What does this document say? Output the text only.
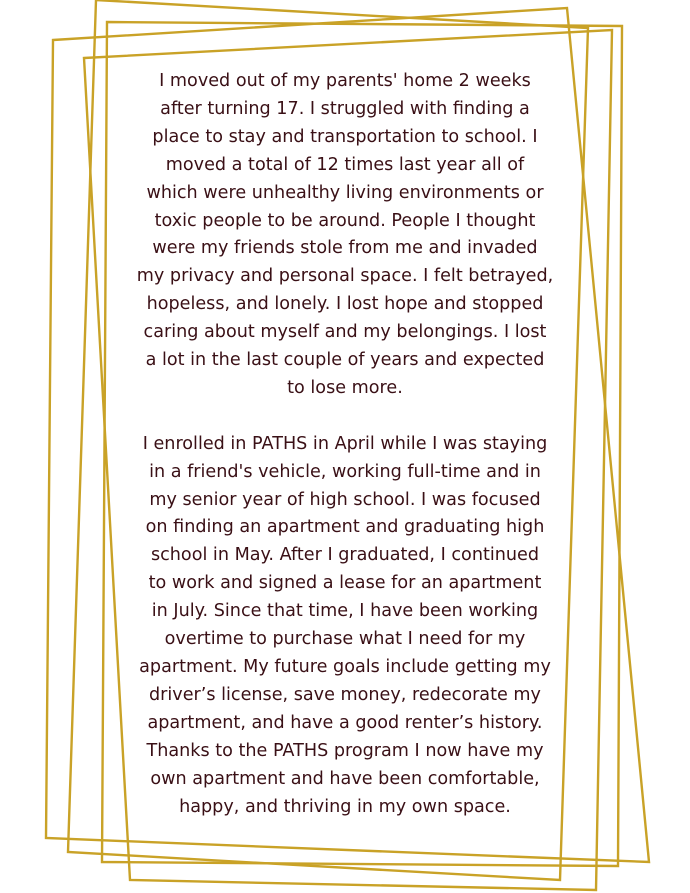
I moved out of my parents' home 2 weeks
after turning 17. I struggled with finding a
place to stay and transportation to school. I
moved a total of 12 times last year all of
which were unhealthy living environments or
toxic people to be around. People I thought
were my friends stole from me and invaded
my privacy and personal space. I felt betrayed,
hopeless, and lonely. I lost hope and stopped
caring about myself and my belongings. I lost
a lot in the last couple of years and expected
to lose more.

I enrolled in PATHS in April while I was staying
in a friend's vehicle, working full-time and in
my senior year of high school. I was focused
on finding an apartment and graduating high
school in May. After I graduated, I continued
to work and signed a lease for an apartment
in July. Since that time, I have been working
overtime to purchase what I need for my
apartment. My future goals include getting my
driver’s license, save money, redecorate my
apartment, and have a good renter’s history.
Thanks to the PATHS program I now have my
own apartment and have been comfortable,
happy, and thriving in my own space.
